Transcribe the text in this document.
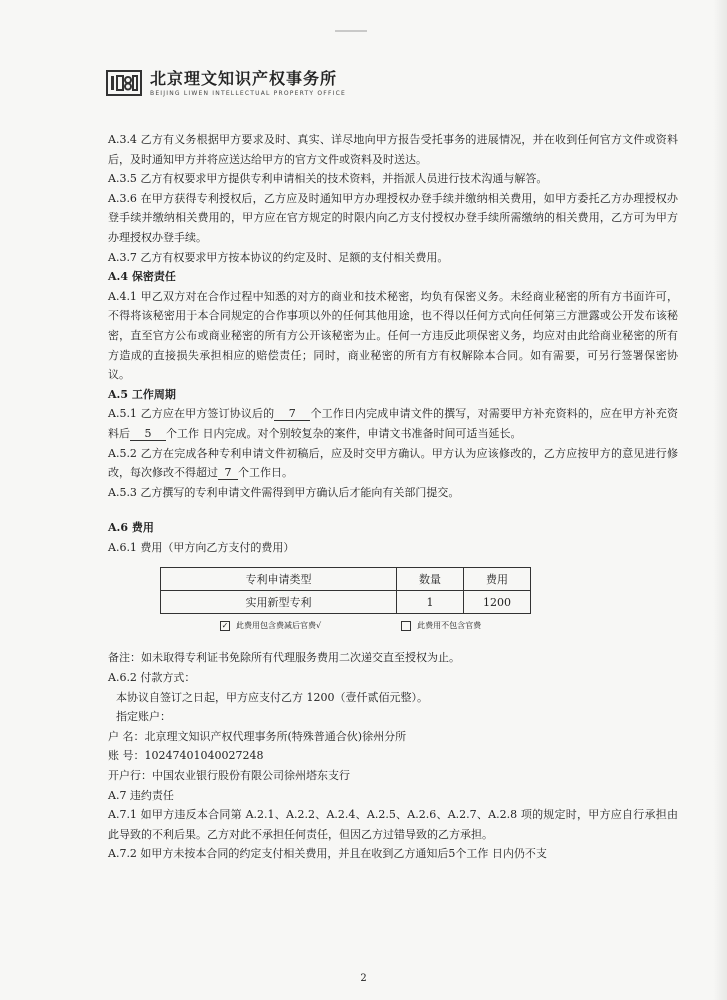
北京理文知识产权事务所
BEIJING LIWEN INTELLECTUAL PROPERTY OFFICE

A.3.4 乙方有义务根据甲方要求及时、真实、详尽地向甲方报告受托事务的进展情况，并在收到任何官方文件或资料后，及时通知甲方并将应送达给甲方的官方文件或资料及时送达。

A.3.5 乙方有权要求甲方提供专利申请相关的技术资料，并指派人员进行技术沟通与解答。

A.3.6 在甲方获得专利授权后，乙方应及时通知甲方办理授权办登手续并缴纳相关费用，如甲方委托乙方办理授权办登手续并缴纳相关费用的，甲方应在官方规定的时限内向乙方支付授权办登手续所需缴纳的相关费用，乙方可为甲方办理授权办登手续。

A.3.7 乙方有权要求甲方按本协议的约定及时、足额的支付相关费用。

A.4 保密责任

A.4.1 甲乙双方对在合作过程中知悉的对方的商业和技术秘密，均负有保密义务。未经商业秘密的所有方书面许可，不得将该秘密用于本合同规定的合作事项以外的任何其他用途，也不得以任何方式向任何第三方泄露或公开发布该秘密，直至官方公布或商业秘密的所有方公开该秘密为止。任何一方违反此项保密义务，均应对由此给商业秘密的所有方造成的直接损失承担相应的赔偿责任；同时，商业秘密的所有方有权解除本合同。如有需要，可另行签署保密协议。

A.5 工作周期

A.5.1 乙方应在甲方签订协议后的 7 个工作日内完成申请文件的撰写，对需要甲方补充资料的，应在甲方补充资料后 5 个工作 日内完成。对个别较复杂的案件，申请文书准备时间可适当延长。

A.5.2 乙方在完成各种专利申请文件初稿后，应及时交甲方确认。甲方认为应该修改的，乙方应按甲方的意见进行修改，每次修改不得超过 7 个工作日。

A.5.3 乙方撰写的专利申请文件需得到甲方确认后才能向有关部门提交。

A.6 费用

A.6.1 费用（甲方向乙方支付的费用）

专利申请类型	数量	费用
实用新型专利	1	1200
✓ 此费用包含费减后官费√	此费用不包含官费

备注：如未取得专利证书免除所有代理服务费用二次递交直至授权为止。

A.6.2 付款方式：

本协议自签订之日起，甲方应支付乙方 1200（壹仟贰佰元整）。

指定账户：

户 名：北京理文知识产权代理事务所(特殊普通合伙)徐州分所

账 号：10247401040027248

开户行：中国农业银行股份有限公司徐州塔东支行

A.7 违约责任

A.7.1 如甲方违反本合同第 A.2.1、A.2.2、A.2.4、A.2.5、A.2.6、A.2.7、A.2.8 项的规定时，甲方应自行承担由此导致的不利后果。乙方对此不承担任何责任，但因乙方过错导致的乙方承担。

A.7.2 如甲方未按本合同的约定支付相关费用，并且在收到乙方通知后5个工作 日内仍不支

2
